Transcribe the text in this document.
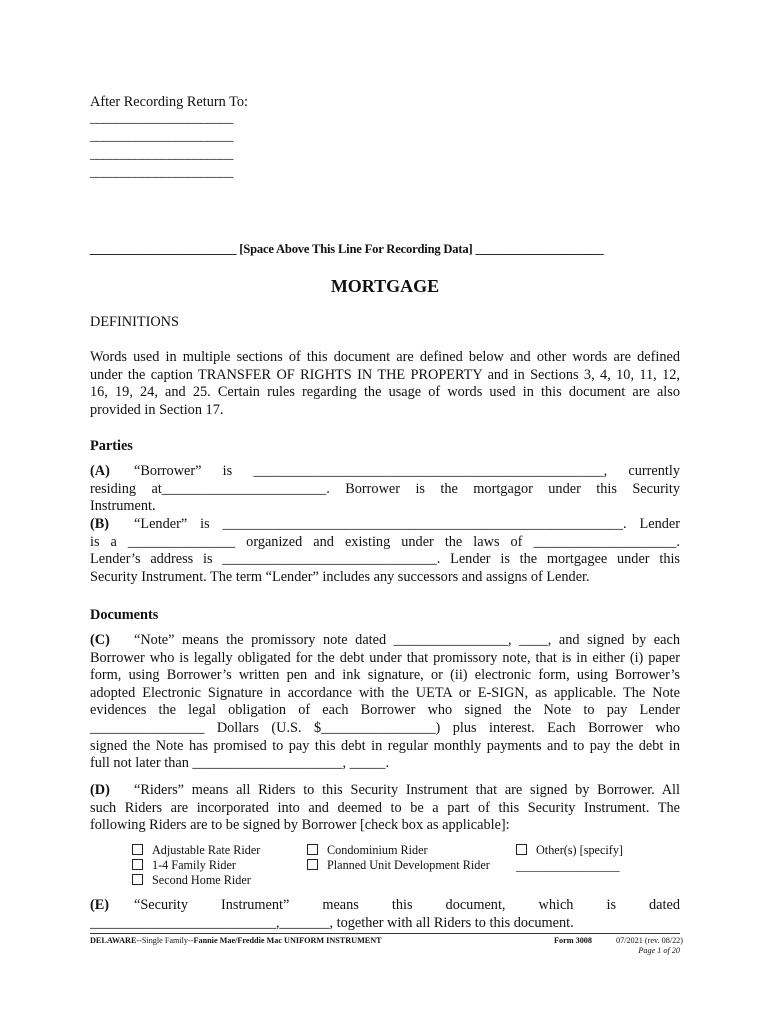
After Recording Return To:
______________________
______________________
______________________
______________________
________________________ [Space Above This Line For Recording Data] _____________________
MORTGAGE
DEFINITIONS
Words used in multiple sections of this document are defined below and other words are defined
under the caption TRANSFER OF RIGHTS IN THE PROPERTY and in Sections 3, 4, 10, 11, 12,
16, 19, 24, and 25. Certain rules regarding the usage of words used in this document are also
provided in Section 17.
Parties
(A)	“Borrower” is _________________________________________________, currently
residing at_______________________. Borrower is the mortgagor under this Security
Instrument.
(B)	“Lender” is ________________________________________________________. Lender
is a _______________ organized and existing under the laws of ____________________.
Lender’s address is ______________________________. Lender is the mortgagee under this
Security Instrument. The term “Lender” includes any successors and assigns of Lender.
Documents
(C)	“Note” means the promissory note dated ________________, ____, and signed by each
Borrower who is legally obligated for the debt under that promissory note, that is in either (i) paper
form, using Borrower’s written pen and ink signature, or (ii) electronic form, using Borrower’s
adopted Electronic Signature in accordance with the UETA or E-SIGN, as applicable. The Note
evidences the legal obligation of each Borrower who signed the Note to pay Lender
________________ Dollars (U.S. $________________) plus interest. Each Borrower who
signed the Note has promised to pay this debt in regular monthly payments and to pay the debt in
full not later than _____________________, _____.
(D)	“Riders” means all Riders to this Security Instrument that are signed by Borrower. All
such Riders are incorporated into and deemed to be a part of this Security Instrument. The
following Riders are to be signed by Borrower [check box as applicable]:
Adjustable Rate Rider
1-4 Family Rider
Second Home Rider
Condominium Rider
Planned Unit Development Rider
Other(s) [specify]
_________________
(E)	“Security Instrument” means this document, which is dated
__________________________,_______, together with all Riders to this document.
DELAWARE--Single Family--Fannie Mae/Freddie Mac UNIFORM INSTRUMENT	Form 3008	07/2021 (rev. 08/22)
Page 1 of 20
